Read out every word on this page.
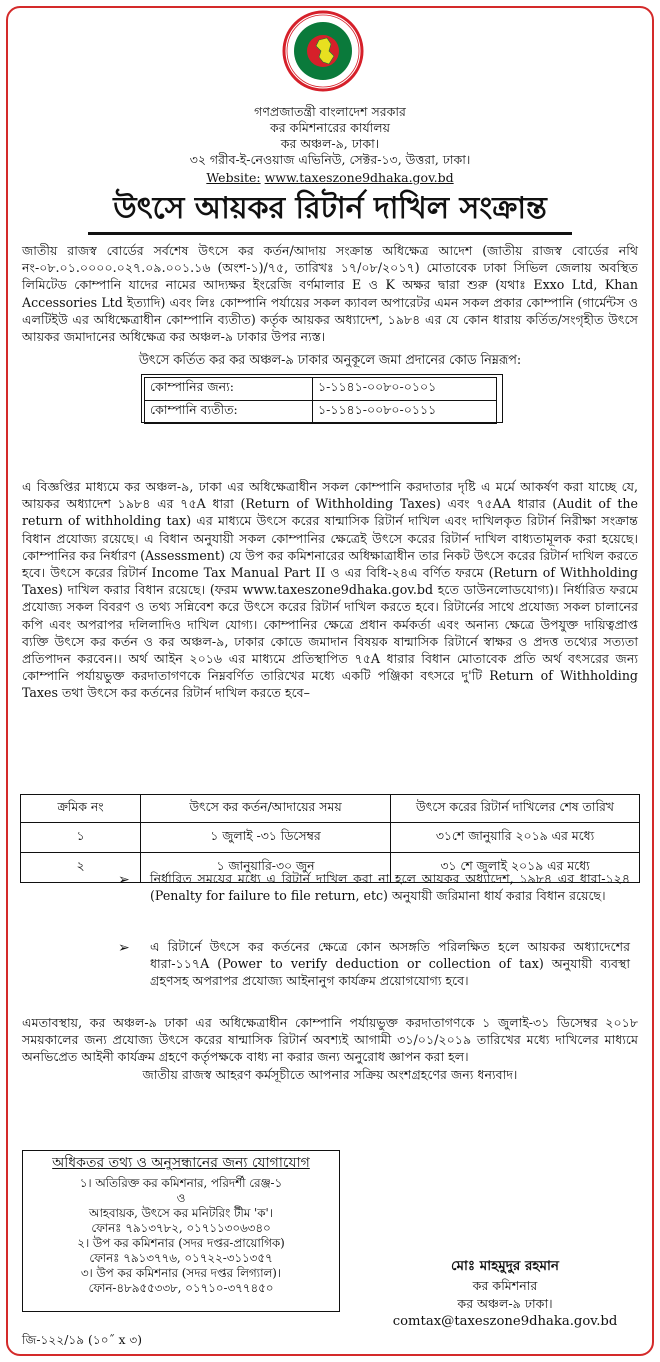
গণপ্রজাতন্ত্রী বাংলাদেশ সরকার
কর কমিশনারের কার্যালয়
কর অঞ্চল-৯, ঢাকা।
৩২ গরীব-ই-নেওয়াজ এভিনিউ, সেক্টর-১৩, উত্তরা, ঢাকা।
Website: www.taxeszone9dhaka.gov.bd
উৎসে আয়কর রিটার্ন দাখিল সংক্রান্ত
জাতীয় রাজস্ব বোর্ডের সর্বশেষ উৎসে কর কর্তন/আদায় সংক্রান্ত অধিক্ষেত্র আদেশ (জাতীয় রাজস্ব বোর্ডের নথি নং-০৮.০১.০০০০.০২৭.০৯.০০১.১৬ (অংশ-১)/৭৫, তারিখঃ ১৭/০৮/২০১৭) মোতাবেক ঢাকা সিভিল জেলায় অবস্থিত লিমিটেড কোম্পানি যাদের নামের আদ্যক্ষর ইংরেজি বর্ণমালার E ও K অক্ষর দ্বারা শুরু (যথাঃ Exxo Ltd, Khan Accessories Ltd ইত্যাদি) এবং লিঃ কোম্পানি পর্যায়ের সকল ক্যাবল অপারেটর এমন সকল প্রকার কোম্পানি (গার্মেন্টস ও এলটিইউ এর অধিক্ষেত্রাধীন কোম্পানি ব্যতীত) কর্তৃক আয়কর অধ্যাদেশ, ১৯৮৪ এর যে কোন ধারায় কর্তিত/সংগৃহীত উৎসে আয়কর জমাদানের অধিক্ষেত্র কর অঞ্চল-৯ ঢাকার উপর ন্যস্ত।
উৎসে কর্তিত কর কর অঞ্চল-৯ ঢাকার অনুকূলে জমা প্রদানের কোড নিম্নরূপ:
কোম্পানির জন্য:	১-১১৪১-০০৮০-০১০১
কোম্পানি ব্যতীত:	১-১১৪১-০০৮০-০১১১
এ বিজ্ঞপ্তির মাধ্যমে কর অঞ্চল-৯, ঢাকা এর অধিক্ষেত্রাধীন সকল কোম্পানি করদাতার দৃষ্টি এ মর্মে আকর্ষণ করা যাচ্ছে যে, আয়কর অধ্যাদেশ ১৯৮৪ এর ৭৫A ধারা (Return of Withholding Taxes) এবং ৭৫AA ধারার (Audit of the return of withholding tax) এর মাধ্যমে উৎসে করের ষান্মাসিক রিটার্ন দাখিল এবং দাখিলকৃত রিটার্ন নিরীক্ষা সংক্রান্ত বিধান প্রযোজ্য রয়েছে। এ বিধান অনুযায়ী সকল কোম্পানির ক্ষেত্রেই উৎসে করের রিটার্ন দাখিল বাধ্যতামূলক করা হয়েছে। কোম্পানির কর নির্ধারণ (Assessment) যে উপ কর কমিশনারের অধিক্ষাত্রাধীন তার নিকট উৎসে করের রিটার্ন দাখিল করতে হবে। উৎসে করের রিটার্ন Income Tax Manual Part II ও এর বিধি-২৪এ বর্ণিত ফরমে (Return of Withholding Taxes) দাখিল করার বিধান রয়েছে। (ফরম www.taxeszone9dhaka.gov.bd হতে ডাউনলোডযোগ্য)। নির্ধারিত ফরমে প্রযোজ্য সকল বিবরণ ও তথ্য সন্নিবেশ করে উৎসে করের রিটার্ন দাখিল করতে হবে। রিটার্নের সাথে প্রযোজ্য সকল চালানের কপি এবং অপরাপর দলিলাদিও দাখিল যোগ্য। কোম্পানির ক্ষেত্রে প্রধান কর্মকর্তা এবং অনান্য ক্ষেত্রে উপযুক্ত দায়িত্বপ্রাপ্ত ব্যক্তি উৎসে কর কর্তন ও কর অঞ্চল-৯, ঢাকার কোডে জমাদান বিষয়ক ষান্মাসিক রিটার্নে স্বাক্ষর ও প্রদত্ত তথ্যের সত্যতা প্রতিপাদন করবেন।। অর্থ আইন ২০১৬ এর মাধ্যমে প্রতিস্থাপিত ৭৫A ধারার বিধান মোতাবেক প্রতি অর্থ বৎসরের জন্য কোম্পানি পর্যায়ভুক্ত করদাতাগণকে নিম্নবর্ণিত তারিখের মধ্যে একটি পঞ্জিকা বৎসরে দু'টি Return of Withholding Taxes তথা উৎসে কর কর্তনের রিটার্ন দাখিল করতে হবে–
ক্রমিক নং	উৎসে কর কর্তন/আদায়ের সময়	উৎসে করের রিটার্ন দাখিলের শেষ তারিখ
১	১ জুলাই -৩১ ডিসেম্বর	৩১শে জানুয়ারি ২০১৯ এর মধ্যে
২	১ জানুয়ারি-৩০ জুন	৩১ শে জুলাই ২০১৯ এর মধ্যে
➢ নির্ধারিত সময়ের মধ্যে এ রিটার্ন দাখিল করা না হলে আয়কর অধ্যাদেশ, ১৯৮৪ এর ধারা-১২৪ (Penalty for failure to file return, etc) অনুযায়ী জরিমানা ধার্য করার বিধান রয়েছে।
➢ এ রিটার্নে উৎসে কর কর্তনের ক্ষেত্রে কোন অসঙ্গতি পরিলক্ষিত হলে আয়কর অধ্যাদেশের ধারা-১১৭A (Power to verify deduction or collection of tax) অনুযায়ী ব্যবস্থা গ্রহণসহ অপরাপর প্রযোজ্য আইনানুগ কার্যক্রম প্রয়োগযোগ্য হবে।
এমতাবস্থায়, কর অঞ্চল-৯ ঢাকা এর অধিক্ষেত্রাধীন কোম্পানি পর্যায়ভুক্ত করদাতাগণকে ১ জুলাই-৩১ ডিসেম্বর ২০১৮ সময়কালের জন্য প্রযোজ্য উৎসে করের ষান্মাসিক রিটার্ন অবশ্যই আগামী ৩১/০১/২০১৯ তারিখের মধ্যে দাখিলের মাধ্যমে অনভিপ্রেত আইনী কার্যক্রম গ্রহণে কর্তৃপক্ষকে বাধ্য না করার জন্য অনুরোধ জ্ঞাপন করা হল।
জাতীয় রাজস্ব আহরণ কর্মসূচীতে আপনার সক্রিয় অংশগ্রহণের জন্য ধন্যবাদ।
অধিকতর তথ্য ও অনুসন্ধানের জন্য যোগাযোগ
১। অতিরিক্ত কর কমিশনার, পরিদর্শী রেঞ্জ-১
ও
আহবায়ক, উৎসে কর মনিটরিং টীম 'ক'।
ফোনঃ ৭৯১৩৭৮২, ০১৭১১৩০৬৩৪০
২। উপ কর কমিশনার (সদর দপ্তর-প্রায়োগিক)
ফোনঃ ৭৯১৩৭৭৬, ০১৭২২-৩১১৩৫৭
৩। উপ কর কমিশনার (সদর দপ্তর লিগ্যাল)।
ফোন-৪৮৯৫৫৩৩৮, ০১৭১০-৩৭৭৪৫০
মোঃ মাহমুদুর রহমান
কর কমিশনার
কর অঞ্চল-৯ ঢাকা।
comtax@taxeszone9dhaka.gov.bd
জি-১২২/১৯ (১০˝ x ৩)
